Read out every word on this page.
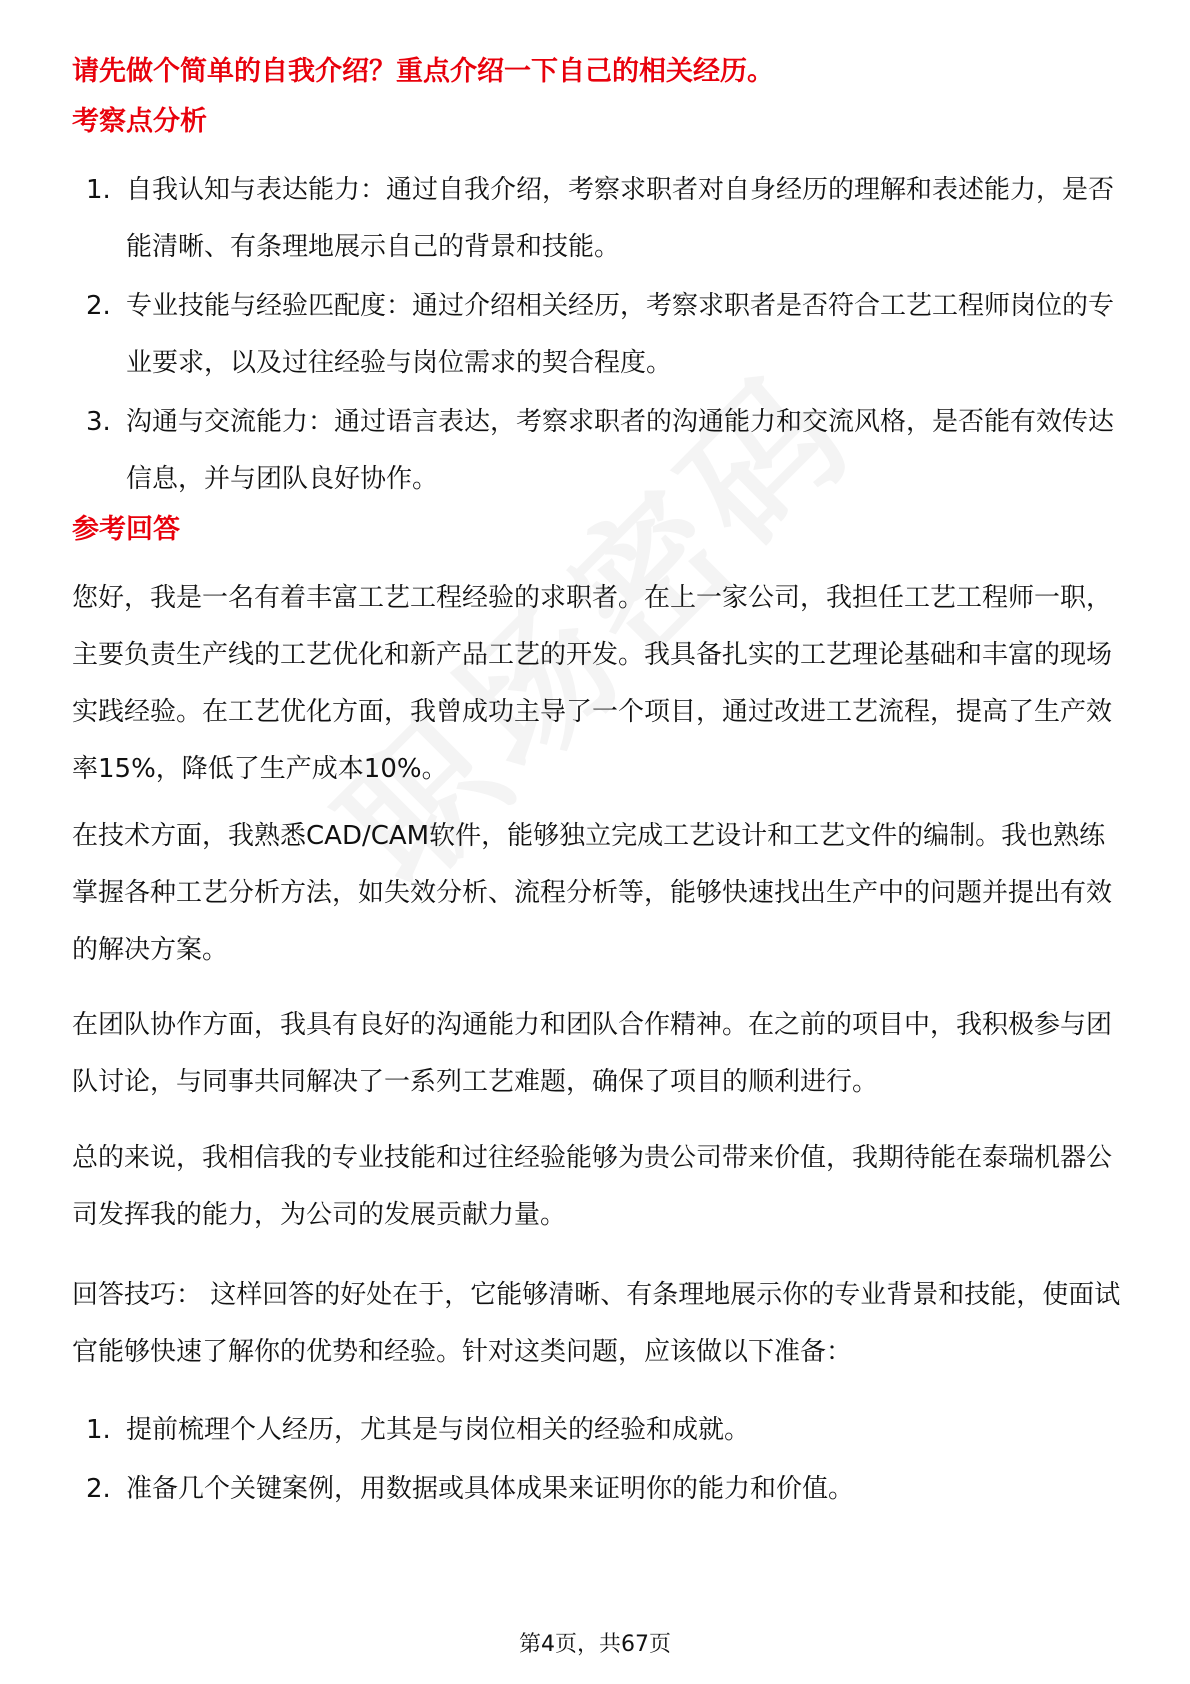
请先做个简单的自我介绍？重点介绍一下自己的相关经历。
考察点分析
1. 自我认知与表达能力：通过自我介绍，考察求职者对自身经历的理解和表述能力，是否能清晰、有条理地展示自己的背景和技能。
2. 专业技能与经验匹配度：通过介绍相关经历，考察求职者是否符合工艺工程师岗位的专业要求，以及过往经验与岗位需求的契合程度。
3. 沟通与交流能力：通过语言表达，考察求职者的沟通能力和交流风格，是否能有效传达信息，并与团队良好协作。
参考回答

您好，我是一名有着丰富工艺工程经验的求职者。在上一家公司，我担任工艺工程师一职，主要负责生产线的工艺优化和新产品工艺的开发。我具备扎实的工艺理论基础和丰富的现场实践经验。在工艺优化方面，我曾成功主导了一个项目，通过改进工艺流程，提高了生产效率15%，降低了生产成本10%。

在技术方面，我熟悉CAD/CAM软件，能够独立完成工艺设计和工艺文件的编制。我也熟练掌握各种工艺分析方法，如失效分析、流程分析等，能够快速找出生产中的问题并提出有效的解决方案。

在团队协作方面，我具有良好的沟通能力和团队合作精神。在之前的项目中，我积极参与团队讨论，与同事共同解决了一系列工艺难题，确保了项目的顺利进行。

总的来说，我相信我的专业技能和过往经验能够为贵公司带来价值，我期待能在泰瑞机器公司发挥我的能力，为公司的发展贡献力量。

回答技巧： 这样回答的好处在于，它能够清晰、有条理地展示你的专业背景和技能，使面试官能够快速了解你的优势和经验。针对这类问题，应该做以下准备：

1. 提前梳理个人经历，尤其是与岗位相关的经验和成就。
2. 准备几个关键案例，用数据或具体成果来证明你的能力和价值。
第4页，共67页
